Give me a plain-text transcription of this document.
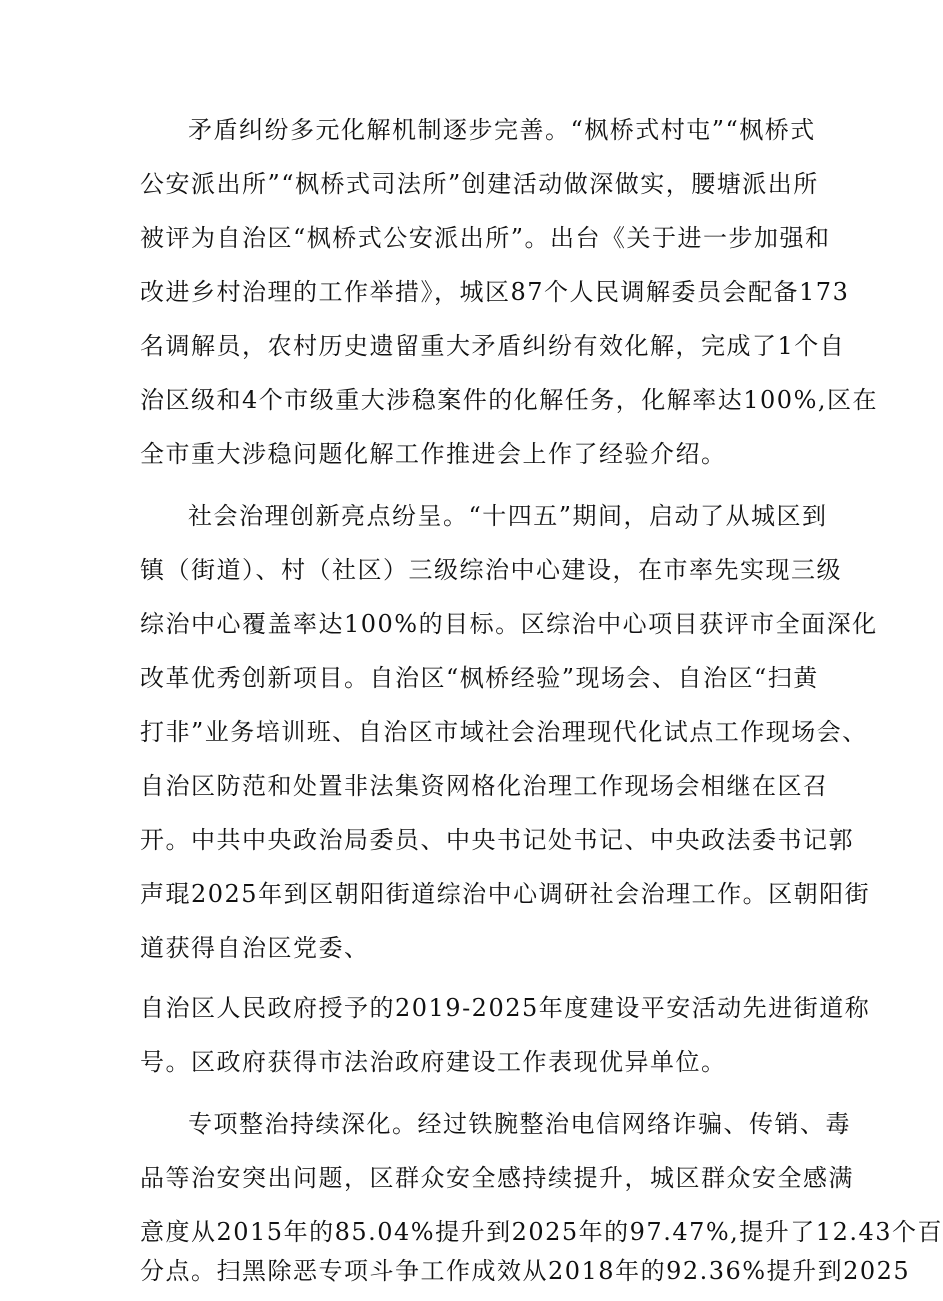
矛盾纠纷多元化解机制逐步完善。“枫桥式村屯”“枫桥式
公安派出所”“枫桥式司法所”创建活动做深做实，腰塘派出所
被评为自治区“枫桥式公安派出所”。出台《关于进一步加强和
改进乡村治理的工作举措》，城区87个人民调解委员会配备173
名调解员，农村历史遗留重大矛盾纠纷有效化解，完成了1个自
治区级和4个市级重大涉稳案件的化解任务，化解率达100%,区在
全市重大涉稳问题化解工作推进会上作了经验介绍。
社会治理创新亮点纷呈。“十四五”期间，启动了从城区到
镇（街道）、村（社区）三级综治中心建设，在市率先实现三级
综治中心覆盖率达100%的目标。区综治中心项目获评市全面深化
改革优秀创新项目。自治区“枫桥经验”现场会、自治区“扫黄
打非”业务培训班、自治区市域社会治理现代化试点工作现场会、
自治区防范和处置非法集资网格化治理工作现场会相继在区召
开。中共中央政治局委员、中央书记处书记、中央政法委书记郭
声琨2025年到区朝阳街道综治中心调研社会治理工作。区朝阳街
道获得自治区党委、
自治区人民政府授予的2019-2025年度建设平安活动先进街道称
号。区政府获得市法治政府建设工作表现优异单位。
专项整治持续深化。经过铁腕整治电信网络诈骗、传销、毒
品等治安突出问题，区群众安全感持续提升，城区群众安全感满
意度从2015年的85.04%提升到2025年的97.47%,提升了12.43个百
分点。扫黑除恶专项斗争工作成效从2018年的92.36%提升到2025
